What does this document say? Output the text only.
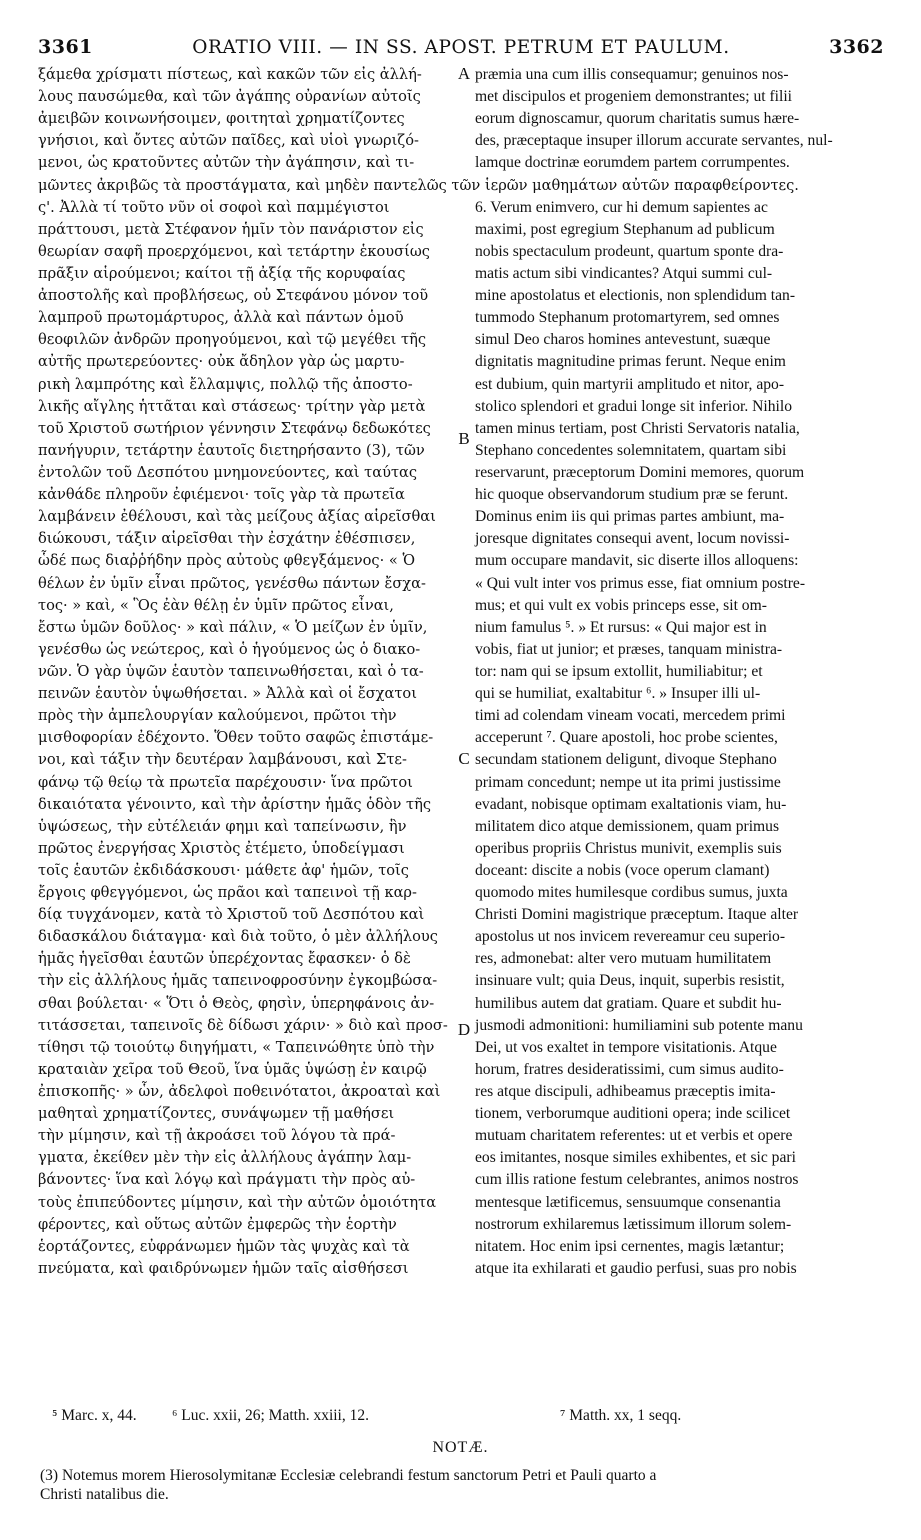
3361	ORATIO VIII. — IN SS. APOST. PETRUM ET PAULUM.	3362
ξάμεθα χρίσματι πίστεως, καὶ κακῶν τῶν εἰς ἀλλή-
λους παυσώμεθα, καὶ τῶν ἀγάπης οὐρανίων αὐτοῖς
ἀμειβῶν κοινωνήσοιμεν, φοιτηταὶ χρηματίζοντες
γνήσιοι, καὶ ὄντες αὐτῶν παῖδες, καὶ υἱοὶ γνωριζό-
μενοι, ὡς κρατοῦντες αὐτῶν τὴν ἀγάπησιν, καὶ τι-
μῶντες ἀκριβῶς τὰ προστάγματα, καὶ μηδὲν παντελῶς τῶν ἱερῶν μαθημάτων αὐτῶν παραφθείροντες.
ς'. Ἀλλὰ τί τοῦτο νῦν οἱ σοφοὶ καὶ παμμέγιστοι
πράττουσι, μετὰ Στέφανον ἡμῖν τὸν πανάριστον εἰς
θεωρίαν σαφῆ προερχόμενοι, καὶ τετάρτην ἑκουσίως
πρᾶξιν αἱρούμενοι; καίτοι τῇ ἀξίᾳ τῆς κορυφαίας
ἀποστολῆς καὶ προβλήσεως, οὐ Στεφάνου μόνον τοῦ
λαμπροῦ πρωτομάρτυρος, ἀλλὰ καὶ πάντων ὁμοῦ
θεοφιλῶν ἀνδρῶν προηγούμενοι, καὶ τῷ μεγέθει τῆς
αὐτῆς πρωτερεύοντες· οὐκ ἄδηλον γὰρ ὡς μαρτυ-
ρικὴ λαμπρότης καὶ ἔλλαμψις, πολλῷ τῆς ἀποστο-
λικῆς αἴγλης ἡττᾶται καὶ στάσεως· τρίτην γὰρ μετὰ
τοῦ Χριστοῦ σωτήριον γέννησιν Στεφάνῳ δεδωκότες
πανήγυριν, τετάρτην ἑαυτοῖς διετηρήσαντο (3), τῶν
ἐντολῶν τοῦ Δεσπότου μνημονεύοντες, καὶ ταύτας
κἀνθάδε πληροῦν ἐφιέμενοι· τοῖς γὰρ τὰ πρωτεῖα
λαμβάνειν ἐθέλουσι, καὶ τὰς μείζους ἀξίας αἱρεῖσθαι
διώκουσι, τάξιν αἱρεῖσθαι τὴν ἐσχάτην ἐθέσπισεν,
ὧδέ πως διαῤῥήδην πρὸς αὐτοὺς φθεγξάμενος· « Ὁ
θέλων ἐν ὑμῖν εἶναι πρῶτος, γενέσθω πάντων ἔσχα-
τος· » καὶ, « Ὃς ἐὰν θέλῃ ἐν ὑμῖν πρῶτος εἶναι,
ἔστω ὑμῶν δοῦλος· » καὶ πάλιν, « Ὁ μείζων ἐν ὑμῖν,
γενέσθω ὡς νεώτερος, καὶ ὁ ἡγούμενος ὡς ὁ διακο-
νῶν. Ὁ γὰρ ὑψῶν ἑαυτὸν ταπεινωθήσεται, καὶ ὁ τα-
πεινῶν ἑαυτὸν ὑψωθήσεται. » Ἀλλὰ καὶ οἱ ἔσχατοι
πρὸς τὴν ἀμπελουργίαν καλούμενοι, πρῶτοι τὴν
μισθοφορίαν ἐδέχοντο. Ὅθεν τοῦτο σαφῶς ἐπιστάμε-
νοι, καὶ τάξιν τὴν δευτέραν λαμβάνουσι, καὶ Στε-
φάνῳ τῷ θείῳ τὰ πρωτεῖα παρέχουσιν· ἵνα πρῶτοι
δικαιότατα γένοιντο, καὶ τὴν ἀρίστην ἡμᾶς ὁδὸν τῆς
ὑψώσεως, τὴν εὐτέλειάν φημι καὶ ταπείνωσιν, ἣν
πρῶτος ἐνεργήσας Χριστὸς ἐτέμετο, ὑποδείγμασι
τοῖς ἑαυτῶν ἐκδιδάσκουσι· μάθετε ἀφ' ἡμῶν, τοῖς
ἔργοις φθεγγόμενοι, ὡς πρᾶοι καὶ ταπεινοὶ τῇ καρ-
δίᾳ τυγχάνομεν, κατὰ τὸ Χριστοῦ τοῦ Δεσπότου καὶ
διδασκάλου διάταγμα· καὶ διὰ τοῦτο, ὁ μὲν ἀλλήλους
ἡμᾶς ἡγεῖσθαι ἑαυτῶν ὑπερέχοντας ἔφασκεν· ὁ δὲ
τὴν εἰς ἀλλήλους ἡμᾶς ταπεινοφροσύνην ἐγκομβώσα-
σθαι βούλεται· « Ὅτι ὁ Θεὸς, φησὶν, ὑπερηφάνοις ἀν-
τιτάσσεται, ταπεινοῖς δὲ δίδωσι χάριν· » διὸ καὶ προσ-
τίθησι τῷ τοιούτῳ διηγήματι, « Ταπεινώθητε ὑπὸ τὴν
κραταιὰν χεῖρα τοῦ Θεοῦ, ἵνα ὑμᾶς ὑψώσῃ ἐν καιρῷ
ἐπισκοπῆς· » ὧν, ἀδελφοὶ ποθεινότατοι, ἀκροαταὶ καὶ
μαθηταὶ χρηματίζοντες, συνάψωμεν τῇ μαθήσει
τὴν μίμησιν, καὶ τῇ ἀκροάσει τοῦ λόγου τὰ πρά-
γματα, ἐκείθεν μὲν τὴν εἰς ἀλλήλους ἀγάπην λαμ-
βάνοντες· ἵνα καὶ λόγῳ καὶ πράγματι τὴν πρὸς αὐ-
τοὺς ἐπιπεύδοντες μίμησιν, καὶ τὴν αὐτῶν ὁμοιότητα
φέροντες, καὶ οὕτως αὐτῶν ἐμφερῶς τὴν ἑορτὴν
ἑορτάζοντες, εὐφράνωμεν ἡμῶν τὰς ψυχὰς καὶ τὰ
πνεύματα, καὶ φαιδρύνωμεν ἡμῶν ταῖς αἰσθήσεσι
A
B
C
D
præmia una cum illis consequamur; genuinos nos-
met discipulos et progeniem demonstrantes; ut filii
eorum dignoscamur, quorum charitatis sumus hære-
des, præceptaque insuper illorum accurate servantes, nul-
lamque doctrinæ eorumdem partem corrumpentes.
6. Verum enimvero, cur hi demum sapientes ac
maximi, post egregium Stephanum ad publicum
nobis spectaculum prodeunt, quartum sponte dra-
matis actum sibi vindicantes? Atqui summi cul-
mine apostolatus et electionis, non splendidum tan-
tummodo Stephanum protomartyrem, sed omnes
simul Deo charos homines antevestunt, suæque
dignitatis magnitudine primas ferunt. Neque enim
est dubium, quin martyrii amplitudo et nitor, apo-
stolico splendori et gradui longe sit inferior. Nihilo
tamen minus tertiam, post Christi Servatoris natalia,
Stephano concedentes solemnitatem, quartam sibi
reservarunt, præceptorum Domini memores, quorum
hic quoque observandorum studium præ se ferunt.
Dominus enim iis qui primas partes ambiunt, ma-
joresque dignitates consequi avent, locum novissi-
mum occupare mandavit, sic diserte illos alloquens:
« Qui vult inter vos primus esse, fiat omnium postre-
mus; et qui vult ex vobis princeps esse, sit om-
nium famulus ⁵. » Et rursus: « Qui major est in
vobis, fiat ut junior; et præses, tanquam ministra-
tor: nam qui se ipsum extollit, humiliabitur; et
qui se humiliat, exaltabitur ⁶. » Insuper illi ul-
timi ad colendam vineam vocati, mercedem primi
acceperunt ⁷. Quare apostoli, hoc probe scientes,
secundam stationem deligunt, divoque Stephano
primam concedunt; nempe ut ita primi justissime
evadant, nobisque optimam exaltationis viam, hu-
militatem dico atque demissionem, quam primus
operibus propriis Christus munivit, exemplis suis
doceant: discite a nobis (voce operum clamant)
quomodo mites humilesque cordibus sumus, juxta
Christi Domini magistrique præceptum. Itaque alter
apostolus ut nos invicem revereamur ceu superio-
res, admonebat: alter vero mutuam humilitatem
insinuare vult; quia Deus, inquit, superbis resistit,
humilibus autem dat gratiam. Quare et subdit hu-
jusmodi admonitioni: humiliamini sub potente manu
Dei, ut vos exaltet in tempore visitationis. Atque
horum, fratres desideratissimi, cum simus audito-
res atque discipuli, adhibeamus præceptis imita-
tionem, verborumque auditioni opera; inde scilicet
mutuam charitatem referentes: ut et verbis et opere
eos imitantes, nosque similes exhibentes, et sic pari
cum illis ratione festum celebrantes, animos nostros
mentesque lætificemus, sensuumque consenantia
nostrorum exhilaremus lætissimum illorum solem-
nitatem. Hoc enim ipsi cernentes, magis lætantur;
atque ita exhilarati et gaudio perfusi, suas pro nobis
⁵ Marc. x, 44. ⁶ Luc. xxii, 26; Matth. xxiii, 12.	⁷ Matth. xx, 1 seqq.
NOTÆ.
(3) Notemus morem Hierosolymitanæ Ecclesiæ celebrandi festum sanctorum Petri et Pauli quarto a
Christi natalibus die.
